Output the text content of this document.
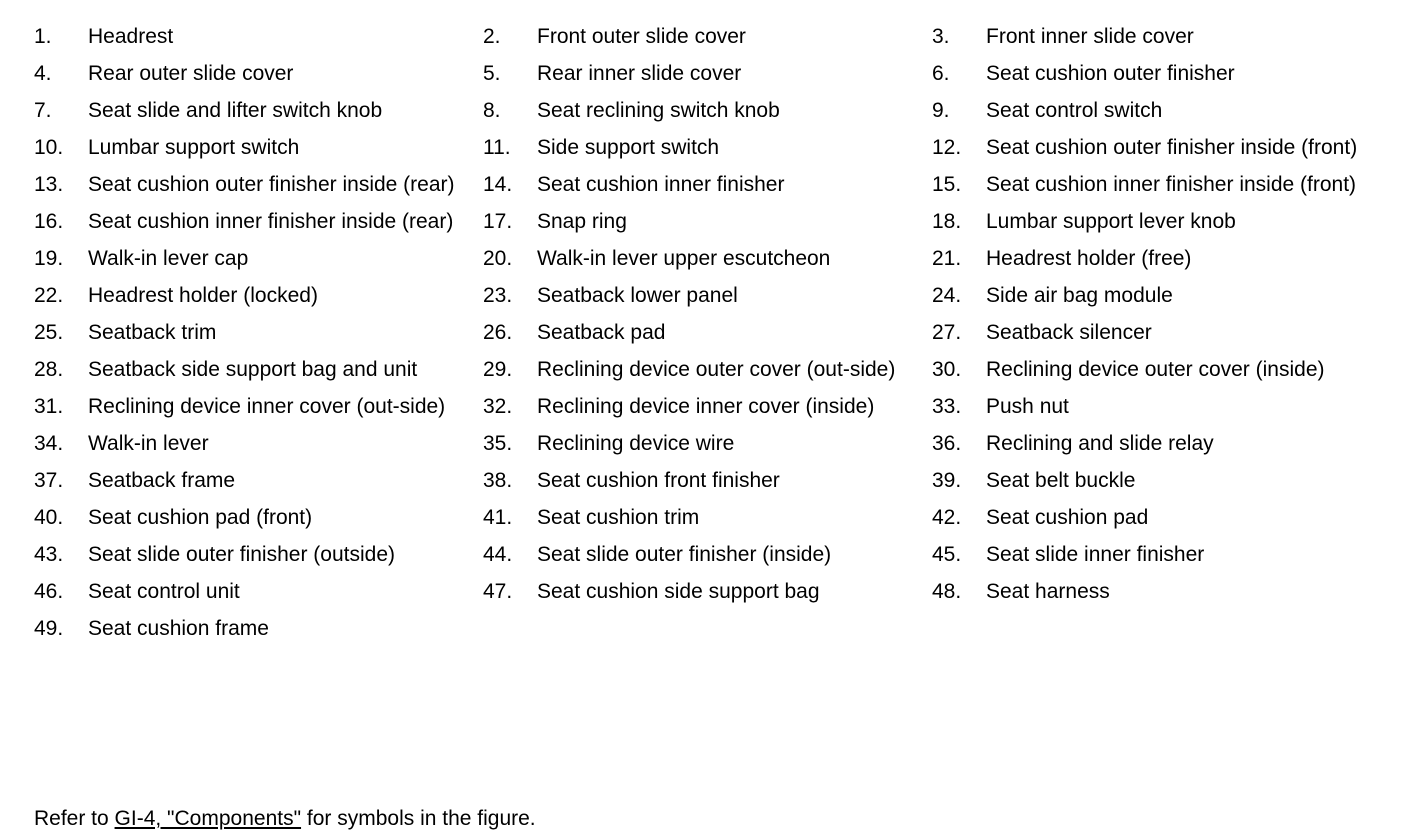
1.	Headrest	2.	Front outer slide cover	3.	Front inner slide cover
4.	Rear outer slide cover	5.	Rear inner slide cover	6.	Seat cushion outer finisher
7.	Seat slide and lifter switch knob	8.	Seat reclining switch knob	9.	Seat control switch
10.	Lumbar support switch	11.	Side support switch	12.	Seat cushion outer finisher inside (front)
13.	Seat cushion outer finisher inside (rear)	14.	Seat cushion inner finisher	15.	Seat cushion inner finisher inside (front)
16.	Seat cushion inner finisher inside (rear)	17.	Snap ring	18.	Lumbar support lever knob
19.	Walk-in lever cap	20.	Walk-in lever upper escutcheon	21.	Headrest holder (free)
22.	Headrest holder (locked)	23.	Seatback lower panel	24.	Side air bag module
25.	Seatback trim	26.	Seatback pad	27.	Seatback silencer
28.	Seatback side support bag and unit	29.	Reclining device outer cover (out-side)	30.	Reclining device outer cover (inside)
31.	Reclining device inner cover (out-side)	32.	Reclining device inner cover (inside)	33.	Push nut
34.	Walk-in lever	35.	Reclining device wire	36.	Reclining and slide relay
37.	Seatback frame	38.	Seat cushion front finisher	39.	Seat belt buckle
40.	Seat cushion pad (front)	41.	Seat cushion trim	42.	Seat cushion pad
43.	Seat slide outer finisher (outside)	44.	Seat slide outer finisher (inside)	45.	Seat slide inner finisher
46.	Seat control unit	47.	Seat cushion side support bag	48.	Seat harness
49.	Seat cushion frame
Refer to GI-4, "Components" for symbols in the figure.
